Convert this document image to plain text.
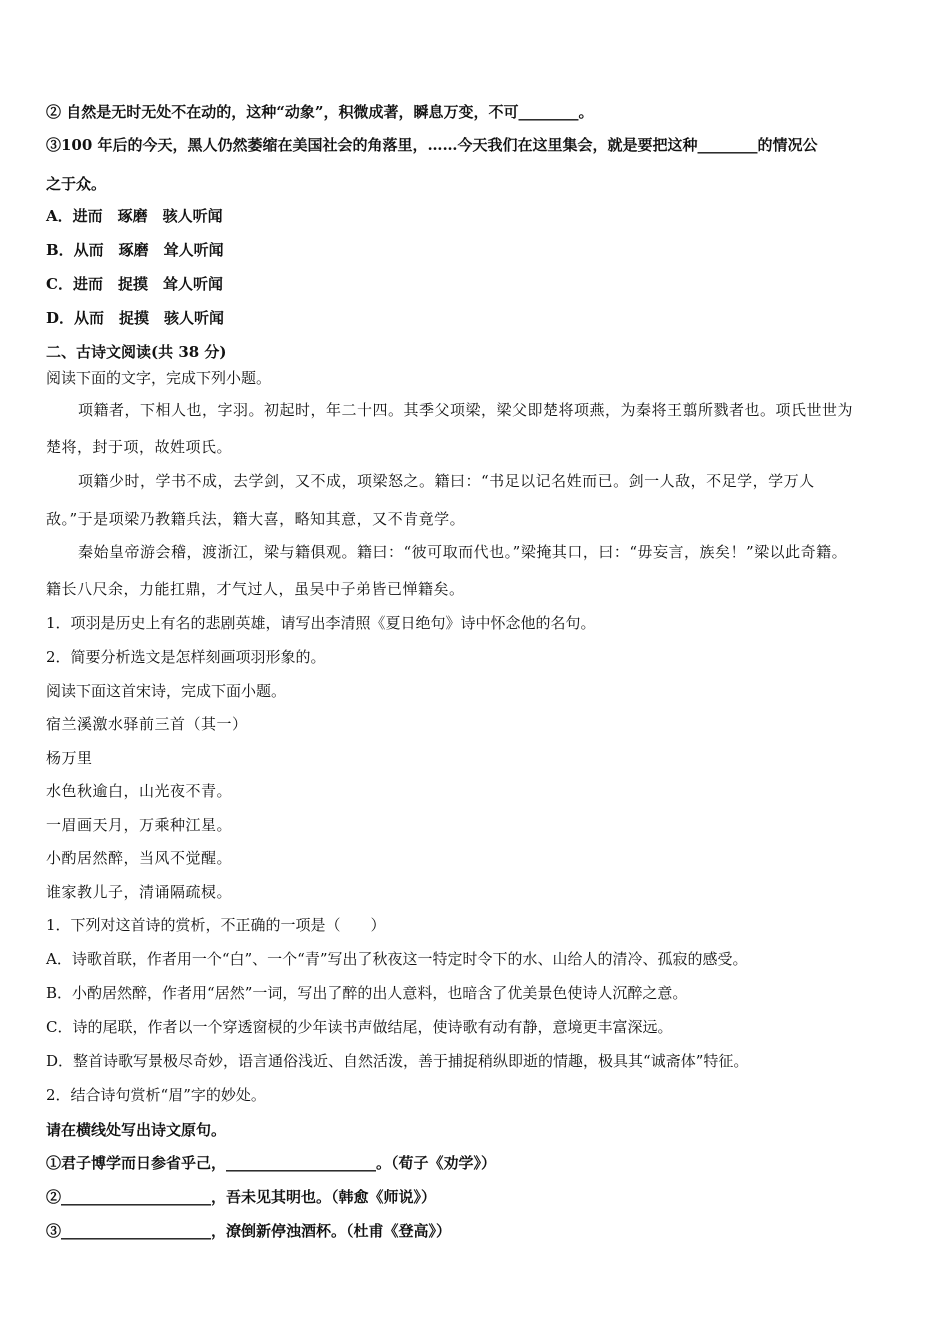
② 自然是无时无处不在动的，这种“动象”，积微成著，瞬息万变，不可________。
③100 年后的今天，黑人仍然萎缩在美国社会的角落里，……今天我们在这里集会，就是要把这种________的情况公
之于众。
A．进而　琢磨　骇人听闻
B．从而　琢磨　耸人听闻
C．进而　捉摸　耸人听闻
D．从而　捉摸　骇人听闻
二、古诗文阅读(共 38 分)
阅读下面的文字，完成下列小题。
项籍者，下相人也，字羽。初起时，年二十四。其季父项梁，梁父即楚将项燕，为秦将王翦所戮者也。项氏世世为
楚将，封于项，故姓项氏。
项籍少时，学书不成，去学剑，又不成，项梁怒之。籍曰：“书足以记名姓而已。剑一人敌，不足学，学万人
敌。”于是项梁乃教籍兵法，籍大喜，略知其意，又不肯竟学。
秦始皇帝游会稽，渡浙江，梁与籍俱观。籍曰：“彼可取而代也。”梁掩其口，曰：“毋妄言，族矣！”梁以此奇籍。
籍长八尺余，力能扛鼎，才气过人，虽吴中子弟皆已惮籍矣。
1．项羽是历史上有名的悲剧英雄，请写出李清照《夏日绝句》诗中怀念他的名句。
2．简要分析选文是怎样刻画项羽形象的。
阅读下面这首宋诗，完成下面小题。
宿兰溪激水驿前三首（其一）
杨万里
水色秋逾白，山光夜不青。
一眉画天月，万乘种江星。
小酌居然醉，当风不觉醒。
谁家教儿子，清诵隔疏棂。
1．下列对这首诗的赏析，不正确的一项是（　　）
A．诗歌首联，作者用一个“白”、一个“青”写出了秋夜这一特定时令下的水、山给人的清冷、孤寂的感受。
B．小酌居然醉，作者用“居然”一词，写出了醉的出人意料，也暗含了优美景色使诗人沉醉之意。
C．诗的尾联，作者以一个穿透窗棂的少年读书声做结尾，使诗歌有动有静，意境更丰富深远。
D．整首诗歌写景极尽奇妙，语言通俗浅近、自然活泼，善于捕捉稍纵即逝的情趣，极具其“诚斋体”特征。
2．结合诗句赏析“眉”字的妙处。
请在横线处写出诗文原句。
①君子博学而日参省乎己，____________________。（荀子《劝学》）
②____________________，吾未见其明也。（韩愈《师说》）
③____________________，潦倒新停浊酒杯。（杜甫《登高》）
